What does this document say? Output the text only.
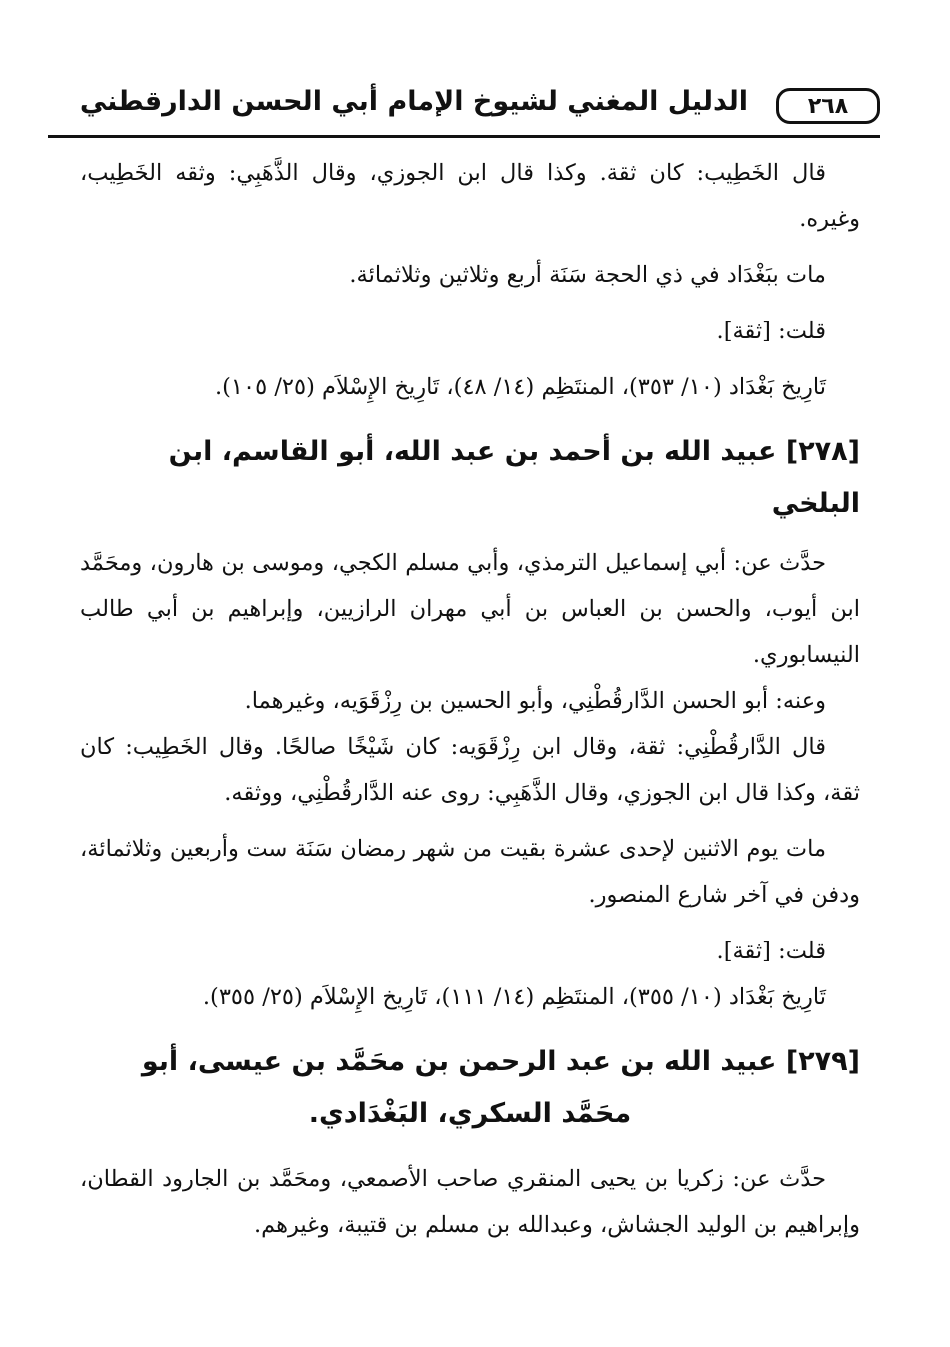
٢٦٨
الدليل المغني لشيوخ الإمام أبي الحسن الدارقطني

قال الخَطِيب: كان ثقة. وكذا قال ابن الجوزي، وقال الذَّهَبِي: وثقه الخَطِيب، وغيره.

مات ببَغْدَاد في ذي الحجة سَنَة أربع وثلاثين وثلاثمائة.

قلت: [ثقة].

تَارِيخ بَغْدَاد (١٠/ ٣٥٣)، المنتَظِم (١٤/ ٤٨)، تَارِيخ الإِسْلاَم (٢٥/ ١٠٥).

[٢٧٨] عبيد الله بن أحمد بن عبد الله، أبو القاسم، ابن البلخي

حدَّث عن: أبي إسماعيل الترمذي، وأبي مسلم الكجي، وموسى بن هارون، ومحَمَّد ابن أيوب، والحسن بن العباس بن أبي مهران الرازيين، وإبراهيم بن أبي طالب النيسابوري.

وعنه: أبو الحسن الدَّارقُطْنِي، وأبو الحسين بن رِزْقَوَيه، وغيرهما.

قال الدَّارقُطْنِي: ثقة، وقال ابن رِزْقَوَيه: كان شَيْخًا صالحًا. وقال الخَطِيب: كان ثقة، وكذا قال ابن الجوزي، وقال الذَّهَبِي: روى عنه الدَّارقُطْنِي، ووثقه.

مات يوم الاثنين لإحدى عشرة بقيت من شهر رمضان سَنَة ست وأربعين وثلاثمائة، ودفن في آخر شارع المنصور.

قلت: [ثقة].

تَارِيخ بَغْدَاد (١٠/ ٣٥٥)، المنتَظِم (١٤/ ١١١)، تَارِيخ الإِسْلاَم (٢٥/ ٣٥٥).

[٢٧٩] عبيد الله بن عبد الرحمن بن محَمَّد بن عيسى، أبو محَمَّد السكري، البَغْدَادي.

حدَّث عن: زكريا بن يحيى المنقري صاحب الأصمعي، ومحَمَّد بن الجارود القطان، وإبراهيم بن الوليد الجشاش، وعبدالله بن مسلم بن قتيبة، وغيرهم.
